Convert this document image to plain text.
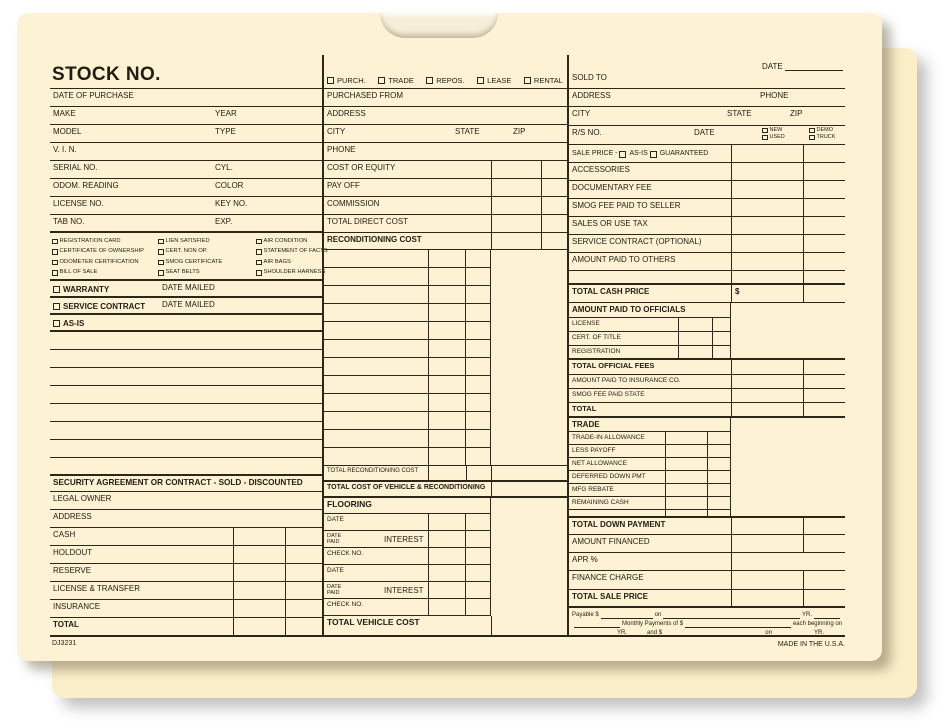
STOCK NO.
DATE OF PURCHASE
MAKE	YEAR
MODEL	TYPE
V. I. N.
SERIAL NO.	CYL.
ODOM. READING	COLOR
LICENSE NO.	KEY NO.
TAB NO.	EXP.
REGISTRATION CARD
CERTIFICATE OF OWNERSHIP
ODOMETER CERTIFICATION
BILL OF SALE
LIEN SATISFIED
CERT. NON OP.
SMOG CERTIFICATE
SEAT BELTS
AIR CONDITION
STATEMENT OF FACTS
AIR BAGS
SHOULDER HARNESS
WARRANTY	DATE MAILED
SERVICE CONTRACT DATE MAILED
AS-IS
SECURITY AGREEMENT OR CONTRACT - SOLD - DISCOUNTED
LEGAL OWNER
ADDRESS
CASH
HOLDOUT
RESERVE
LICENSE & TRANSFER
INSURANCE
TOTAL
PURCH.	TRADE	REPOS.	LEASE	RENTAL
PURCHASED FROM
ADDRESS
CITY	STATE	ZIP
PHONE
COST OR EQUITY
PAY OFF
COMMISSION
TOTAL DIRECT COST
RECONDITIONING COST
TOTAL RECONDITIONING COST
TOTAL COST OF VEHICLE & RECONDITIONING
FLOORING
DATE
DATE
PAID	INTEREST
CHECK NO.
DATE
DATE
PAID	INTEREST
CHECK NO.
TOTAL VEHICLE COST
DATE
SOLD TO
ADDRESS	PHONE
CITY	STATE	ZIP
R/S NO.	DATE	NEW
USED
DEMO
TRUCK
SALE PRICE -
AS-IS
GUARANTEED
ACCESSORIES
DOCUMENTARY FEE
SMOG FEE PAID TO SELLER
SALES OR USE TAX
SERVICE CONTRACT (OPTIONAL)
AMOUNT PAID TO OTHERS
TOTAL CASH PRICE	$
AMOUNT PAID TO OFFICIALS
LICENSE
CERT. OF TITLE
REGISTRATION
TOTAL OFFICIAL FEES
AMOUNT PAID TO INSURANCE CO.
SMOG FEE PAID STATE
TOTAL
TRADE
TRADE-IN ALLOWANCE
LESS PAYOFF
NET ALLOWANCE
DEFERRED DOWN PMT
MFG REBATE
REMAINING CASH
TOTAL DOWN PAYMENT
AMOUNT FINANCED
APR %
FINANCE CHARGE
TOTAL SALE PRICE
Payable $	on	YR.
Monthly Payments of $	each beginning on
YR.	and $	on	YR.
DJ3231	MADE IN THE U.S.A.
